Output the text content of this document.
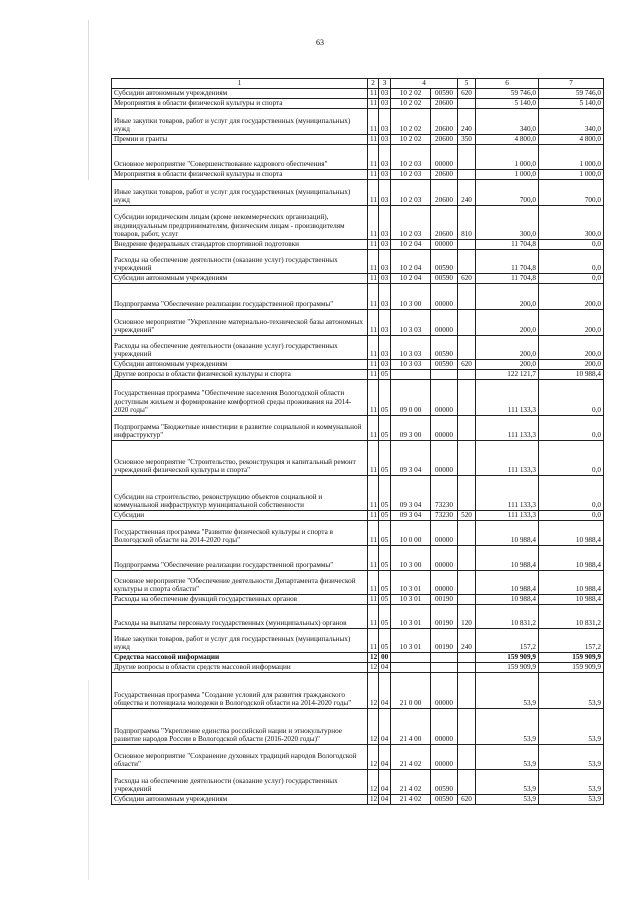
63
1	2	3	4		5	6	7
Субсидии автономным учреждениям	11	03	10 2 02	00590	620	59 746,0	59 746,0
Мероприятия в области физической культуры и спорта	11	03	10 2 02	20600		5 140,0	5 140,0
Иные закупки товаров, работ и услуг для государственных (муниципальных) нужд	11	03	10 2 02	20600	240	340,0	340,0
Премии и гранты	11	03	10 2 02	20600	350	4 800,0	4 800,0
Основное мероприятие "Совершенствование кадрового обеспечения"	11	03	10 2 03	00000		1 000,0	1 000,0
Мероприятия в области физической культуры и спорта	11	03	10 2 03	20600		1 000,0	1 000,0
Иные закупки товаров, работ и услуг для государственных (муниципальных) нужд	11	03	10 2 03	20600	240	700,0	700,0
Субсидии юридическим лицам (кроме некоммерческих организаций), индивидуальным предпринимателям, физическим лицам - производителям товаров, работ, услуг	11	03	10 2 03	20600	810	300,0	300,0
Внедрение федеральных стандартов спортивной подготовки	11	03	10 2 04	00000		11 704,8	0,0
Расходы на обеспечение деятельности (оказание услуг) государственных учреждений	11	03	10 2 04	00590		11 704,8	0,0
Субсидии автономным учреждениям	11	03	10 2 04	00590	620	11 704,8	0,0
Подпрограмма "Обеспечение реализации государственной программы"	11	03	10 3 00	00000		200,0	200,0
Основное мероприятие "Укрепление материально-технической базы автономных учреждений"	11	03	10 3 03	00000		200,0	200,0
Расходы на обеспечение деятельности (оказание услуг) государственных учреждений	11	03	10 3 03	00590		200,0	200,0
Субсидии автономным учреждениям	11	03	10 3 03	00590	620	200,0	200,0
Другие вопросы в области физической культуры и спорта	11	05				122 121,7	10 988,4
Государственная программа "Обеспечение населения Вологодской области доступным жильем и формирование комфортной среды проживания на 2014-2020 годы"	11	05	09 0 00	00000		111 133,3	0,0
Подпрограмма "Бюджетные инвестиции в развитие социальной и коммунальной инфраструктур"	11	05	09 3 00	00000		111 133,3	0,0
Основное мероприятие "Строительство, реконструкция и капитальный ремонт учреждений физической культуры и спорта"	11	05	09 3 04	00000		111 133,3	0,0
Субсидии на строительство, реконструкцию объектов социальной и коммунальной инфраструктур муниципальной собственности	11	05	09 3 04	73230		111 133,3	0,0
Субсидии	11	05	09 3 04	73230	520	111 133,3	0,0
Государственная программа "Развитие физической культуры и спорта в Вологодской области на 2014-2020 годы"	11	05	10 0 00	00000		10 988,4	10 988,4
Подпрограмма "Обеспечение реализации государственной программы"	11	05	10 3 00	00000		10 988,4	10 988,4
Основное мероприятие "Обеспечение деятельности Департамента физической культуры и спорта области"	11	05	10 3 01	00000		10 988,4	10 988,4
Расходы на обеспечение функций государственных органов	11	05	10 3 01	00190		10 988,4	10 988,4
Расходы на выплаты персоналу государственных (муниципальных) органов	11	05	10 3 01	00190	120	10 831,2	10 831,2
Иные закупки товаров, работ и услуг для государственных (муниципальных) нужд	11	05	10 3 01	00190	240	157,2	157,2
Средства массовой информации	12	00				159 909,9	159 909,9
Другие вопросы в области средств массовой информации	12	04				159 909,9	159 909,9
Государственная программа "Создание условий для развития гражданского общества и потенциала молодежи в Вологодской области на 2014-2020 годы"	12	04	21 0 00	00000		53,9	53,9
Подпрограмма "Укрепление единства российской нации и этнокультурное развитие народов России в Вологодской области (2016-2020 годы)"	12	04	21 4 00	00000		53,9	53,9
Основное мероприятие "Сохранение духовных традиций народов Вологодской области"	12	04	21 4 02	00000		53,9	53,9
Расходы на обеспечение деятельности (оказание услуг) государственных учреждений	12	04	21 4 02	00590		53,9	53,9
Субсидии автономным учреждениям	12	04	21 4 02	00590	620	53,9	53,9
